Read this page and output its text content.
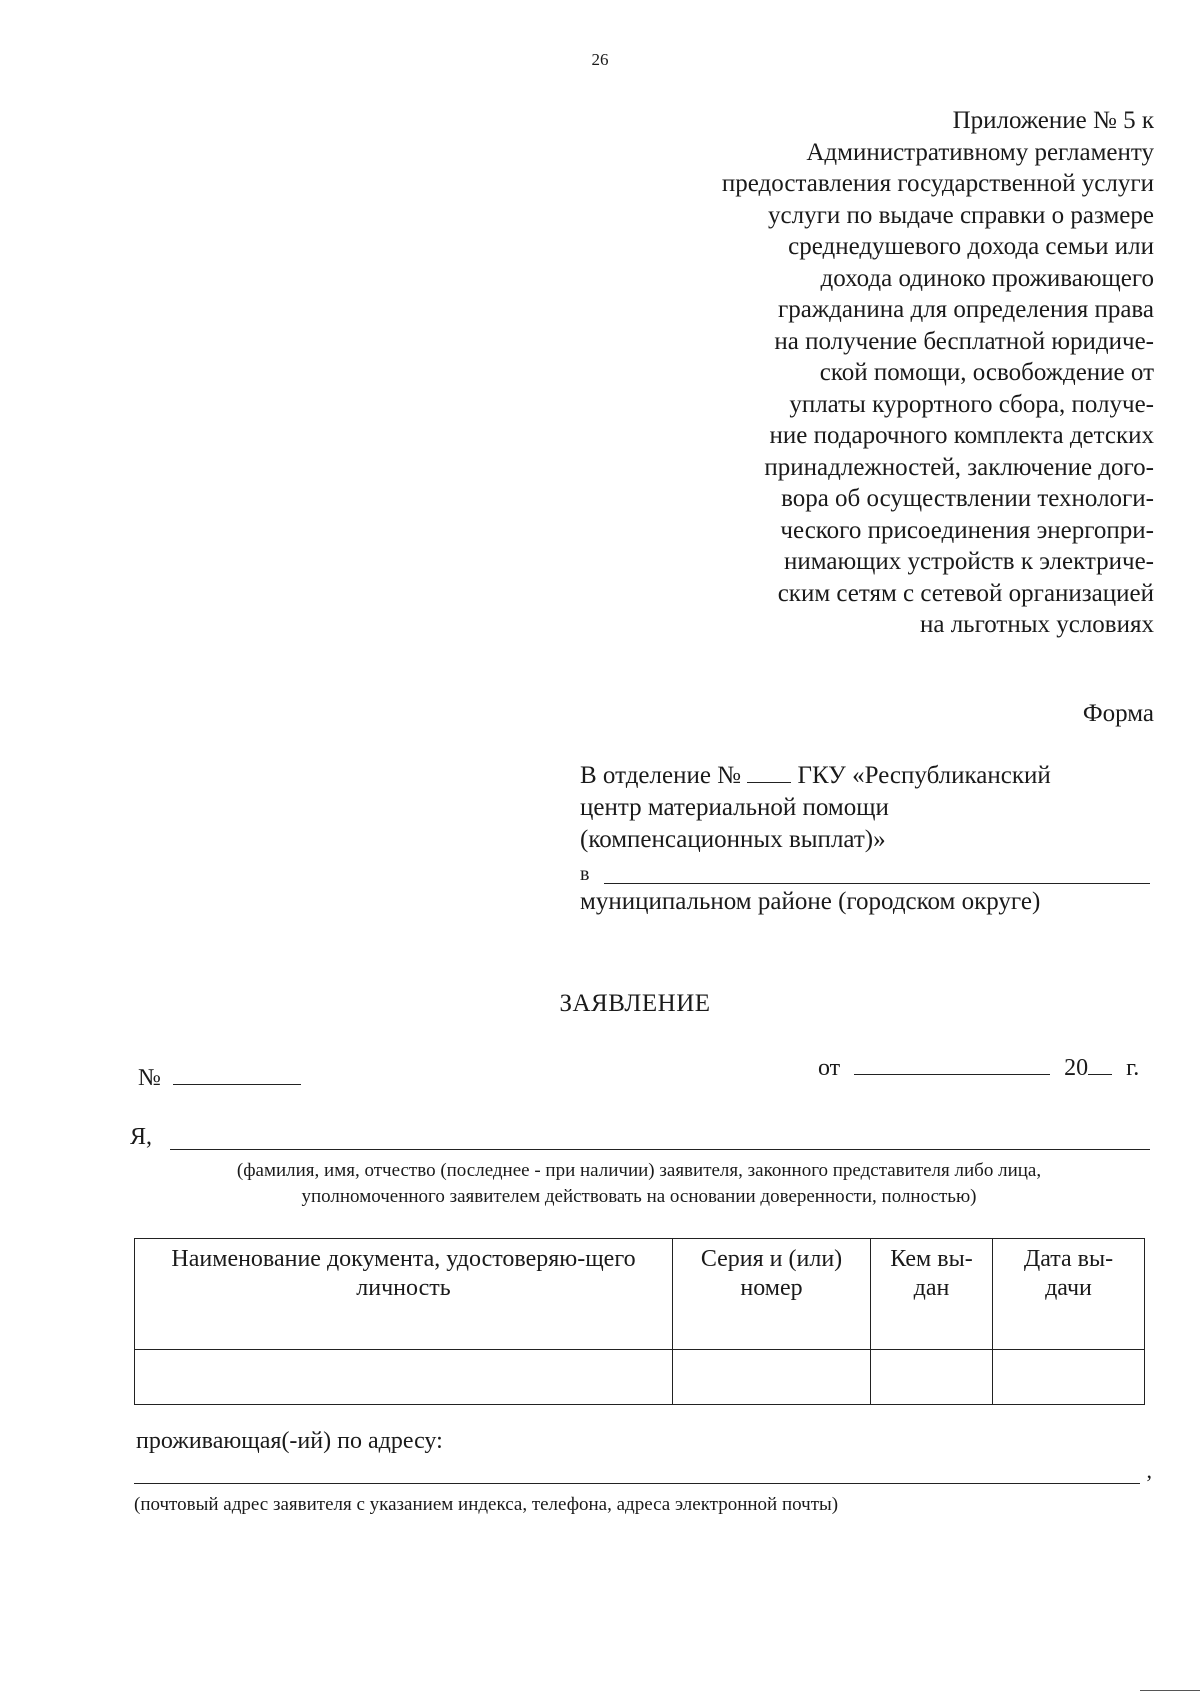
26
Приложение № 5 к
Административному регламенту
предоставления государственной услуги
услуги по выдаче справки о размере
среднедушевого дохода семьи или
дохода одиноко проживающего
гражданина для определения права
на получение бесплатной юридиче-
ской помощи, освобождение от
уплаты курортного сбора, получе-
ние подарочного комплекта детских
принадлежностей, заключение дого-
вора об осуществлении технологи-
ческого присоединения энергопри-
нимающих устройств к электриче-
ским сетям с сетевой организацией
на льготных условиях
Форма
В отделение № ГКУ «Республиканский
центр материальной помощи
(компенсационных выплат)»
в
муниципальном районе (городском округе)
ЗАЯВЛЕНИЕ
№	от	20 г.
Я,
(фамилия, имя, отчество (последнее - при наличии) заявителя, законного представителя либо лица,
уполномоченного заявителем действовать на основании доверенности, полностью)
Наименование документа, удостоверяю-щего личность	Серия и (или) номер	Кем вы-дан	Дата вы-дачи

проживающая(-ий) по адресу:
,
(почтовый адрес заявителя с указанием индекса, телефона, адреса электронной почты)
